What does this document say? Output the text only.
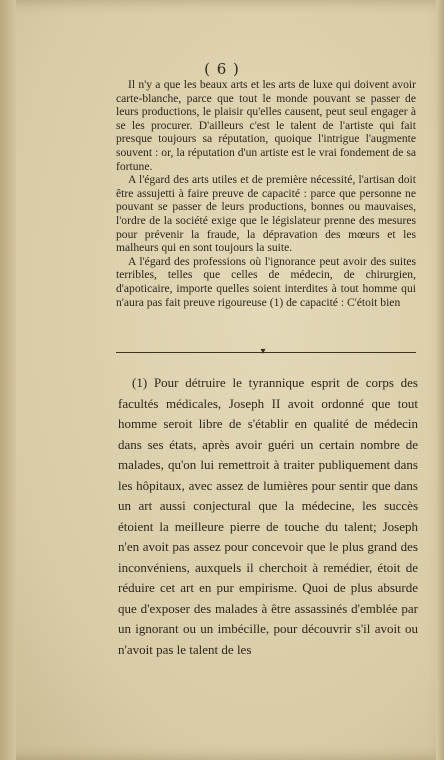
( 6 )

Il n'y a que les beaux arts et les arts de luxe qui doivent avoir carte-blanche, parce que tout le monde pouvant se passer de leurs productions, le plaisir qu'elles causent, peut seul engager à se les procurer. D'ailleurs c'est le talent de l'artiste qui fait presque toujours sa réputation, quoique l'intrigue l'augmente souvent : or, la réputation d'un artiste est le vrai fondement de sa fortune.

A l'égard des arts utiles et de première nécessité, l'artisan doit être assujetti à faire preuve de capacité : parce que personne ne pouvant se passer de leurs productions, bonnes ou mauvaises, l'ordre de la société exige que le législateur prenne des mesures pour prévenir la fraude, la dépravation des mœurs et les malheurs qui en sont toujours la suite.

A l'égard des professions où l'ignorance peut avoir des suites terribles, telles que celles de médecin, de chirurgien, d'apoticaire, importe quelles soient interdites à tout homme qui n'aura pas fait preuve rigoureuse (1) de capacité : C'étoit bien

▾

(1) Pour détruire le tyrannique esprit de corps des facultés médicales, Joseph II avoit ordonné que tout homme seroit libre de s'établir en qualité de médecin dans ses états, après avoir guéri un certain nombre de malades, qu'on lui remettroit à traiter publiquement dans les hôpitaux, avec assez de lumières pour sentir que dans un art aussi conjectural que la médecine, les succès étoient la meilleure pierre de touche du talent; Joseph n'en avoit pas assez pour concevoir que le plus grand des inconvéniens, auxquels il cherchoit à remédier, étoit de réduire cet art en pur empirisme. Quoi de plus absurde que d'exposer des malades à être assassinés d'emblée par un ignorant ou un imbécille, pour découvrir s'il avoit ou n'avoit pas le talent de les
